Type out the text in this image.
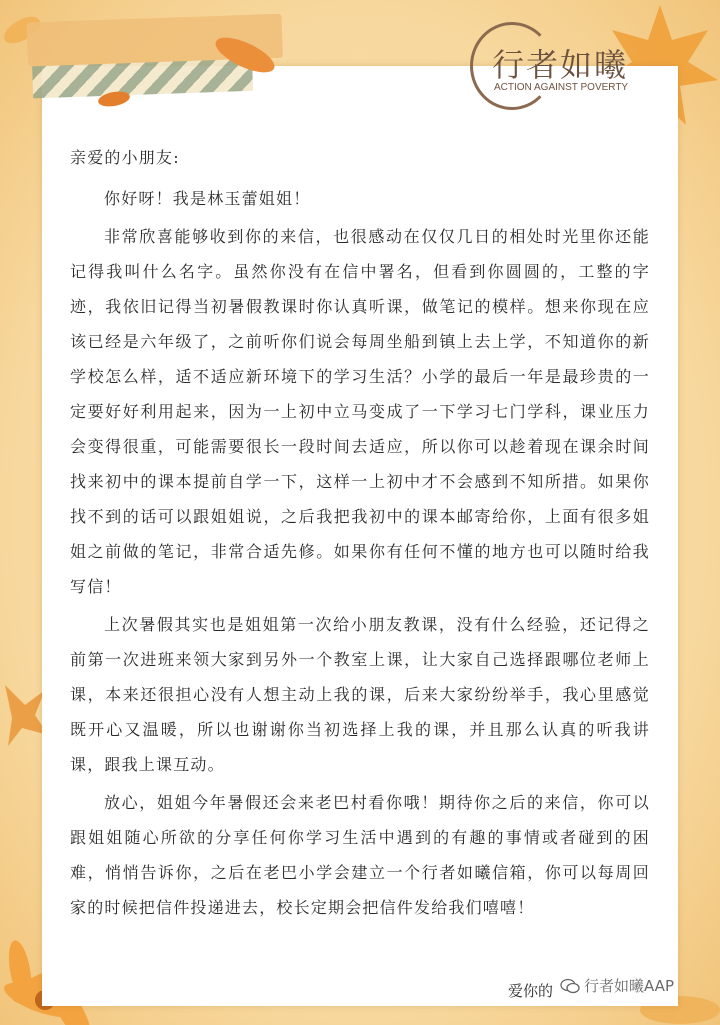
行者如曦
ACTION AGAINST POVERTY

亲爱的小朋友:

你好呀！我是林玉蕾姐姐！

非常欣喜能够收到你的来信，也很感动在仅仅几日的相处时光里你还能记得我叫什么名字。虽然你没有在信中署名，但看到你圆圆的，工整的字迹，我依旧记得当初暑假教课时你认真听课，做笔记的模样。想来你现在应该已经是六年级了，之前听你们说会每周坐船到镇上去上学，不知道你的新学校怎么样，适不适应新环境下的学习生活？小学的最后一年是最珍贵的一定要好好利用起来，因为一上初中立马变成了一下学习七门学科，课业压力会变得很重，可能需要很长一段时间去适应，所以你可以趁着现在课余时间找来初中的课本提前自学一下，这样一上初中才不会感到不知所措。如果你找不到的话可以跟姐姐说，之后我把我初中的课本邮寄给你，上面有很多姐姐之前做的笔记，非常合适先修。如果你有任何不懂的地方也可以随时给我写信！

上次暑假其实也是姐姐第一次给小朋友教课，没有什么经验，还记得之前第一次进班来领大家到另外一个教室上课，让大家自己选择跟哪位老师上课，本来还很担心没有人想主动上我的课，后来大家纷纷举手，我心里感觉既开心又温暖，所以也谢谢你当初选择上我的课，并且那么认真的听我讲课，跟我上课互动。

放心，姐姐今年暑假还会来老巴村看你哦！期待你之后的来信，你可以跟姐姐随心所欲的分享任何你学习生活中遇到的有趣的事情或者碰到的困难，悄悄告诉你，之后在老巴小学会建立一个行者如曦信箱，你可以每周回家的时候把信件投递进去，校长定期会把信件发给我们嘻嘻！

爱你的 行者如曦AAP
